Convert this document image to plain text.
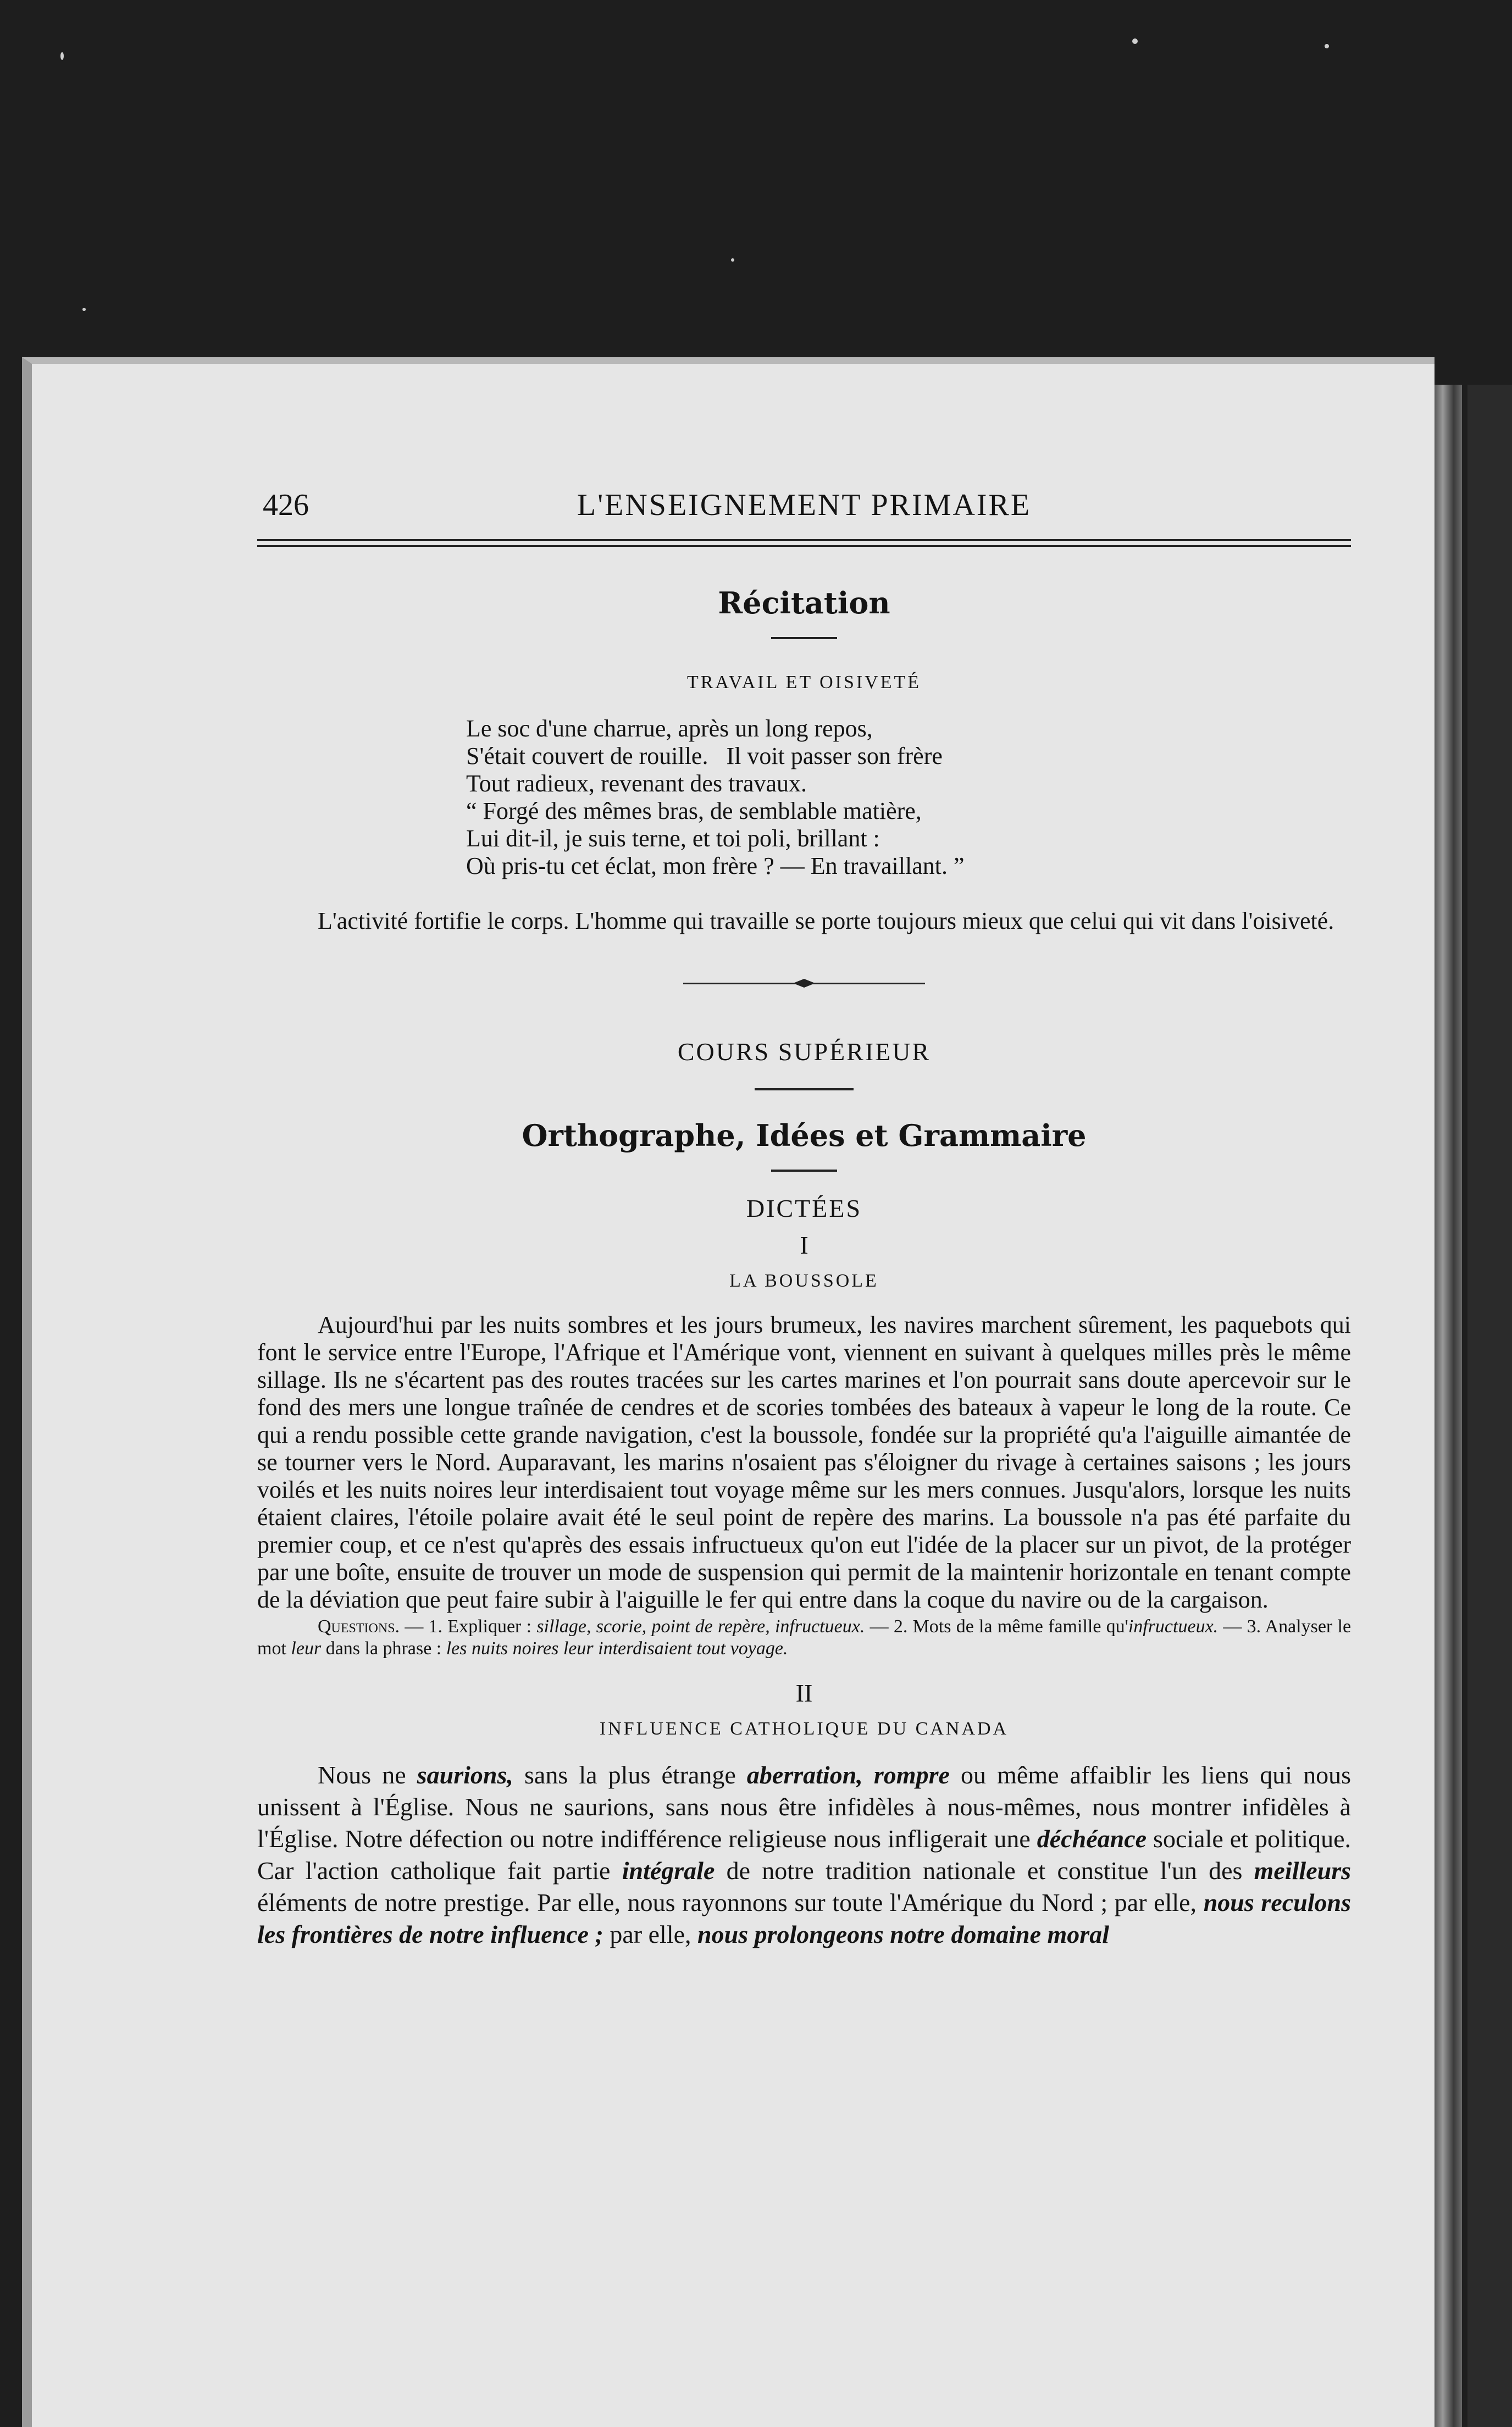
426	L'ENSEIGNEMENT PRIMAIRE
Récitation
TRAVAIL ET OISIVETÉ
Le soc d'une charrue, après un long repos,
S'était couvert de rouille.   Il voit passer son frère
Tout radieux, revenant des travaux.
“ Forgé des mêmes bras, de semblable matière,
Lui dit-il, je suis terne, et toi poli, brillant :
Où pris-tu cet éclat, mon frère ? — En travaillant. ”

L'activité fortifie le corps. L'homme qui travaille se porte toujours mieux que celui qui vit dans l'oisiveté.

COURS SUPÉRIEUR
Orthographe, Idées et Grammaire
DICTÉES
I
LA BOUSSOLE

Aujourd'hui par les nuits sombres et les jours brumeux, les navires marchent sûrement, les paquebots qui font le service entre l'Europe, l'Afrique et l'Amérique vont, viennent en suivant à quelques milles près le même sillage. Ils ne s'écartent pas des routes tracées sur les cartes marines et l'on pourrait sans doute apercevoir sur le fond des mers une longue traînée de cendres et de scories tombées des bateaux à vapeur le long de la route. Ce qui a rendu possible cette grande navigation, c'est la boussole, fondée sur la propriété qu'a l'aiguille aimantée de se tourner vers le Nord. Auparavant, les marins n'osaient pas s'éloigner du rivage à certaines saisons ; les jours voilés et les nuits noires leur interdisaient tout voyage même sur les mers connues. Jusqu'alors, lorsque les nuits étaient claires, l'étoile polaire avait été le seul point de repère des marins. La boussole n'a pas été parfaite du premier coup, et ce n'est qu'après des essais infructueux qu'on eut l'idée de la placer sur un pivot, de la protéger par une boîte, ensuite de trouver un mode de suspension qui permit de la maintenir horizontale en tenant compte de la déviation que peut faire subir à l'aiguille le fer qui entre dans la coque du navire ou de la cargaison.

Questions. — 1. Expliquer : sillage, scorie, point de repère, infructueux. — 2. Mots de la même famille qu'infructueux. — 3. Analyser le mot leur dans la phrase : les nuits noires leur interdisaient tout voyage.

II
INFLUENCE CATHOLIQUE DU CANADA

Nous ne saurions, sans la plus étrange aberration, rompre ou même affaiblir les liens qui nous unissent à l'Église. Nous ne saurions, sans nous être infidèles à nous-mêmes, nous montrer infidèles à l'Église. Notre défection ou notre indifférence religieuse nous infligerait une déchéance sociale et politique. Car l'action catholique fait partie intégrale de notre tradition nationale et constitue l'un des meilleurs éléments de notre prestige. Par elle, nous rayonnons sur toute l'Amérique du Nord ; par elle, nous reculons les frontières de notre influence ; par elle, nous prolongeons notre domaine moral
